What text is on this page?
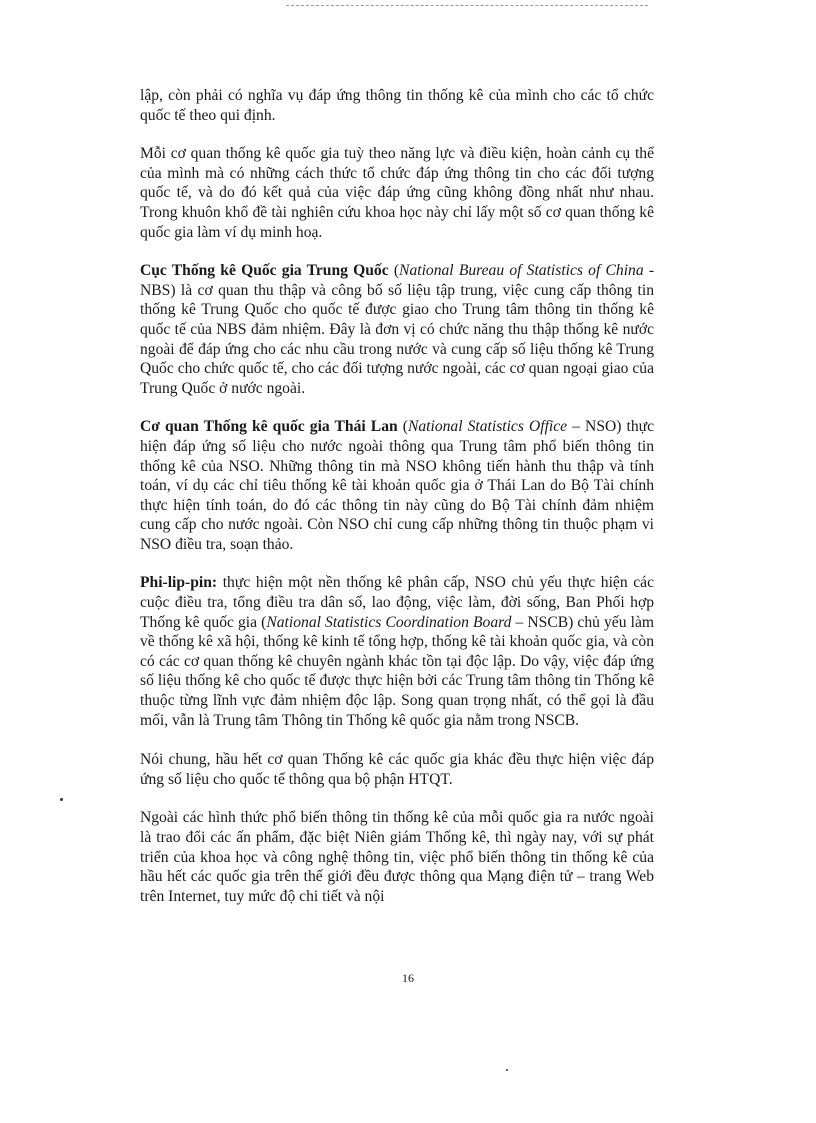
lập, còn phải có nghĩa vụ đáp ứng thông tin thống kê của mình cho các tổ chức quốc tế theo qui định.

Mỗi cơ quan thống kê quốc gia tuỳ theo năng lực và điều kiện, hoàn cảnh cụ thể của mình mà có những cách thức tổ chức đáp ứng thông tin cho các đối tượng quốc tế, và do đó kết quả của việc đáp ứng cũng không đồng nhất như nhau. Trong khuôn khổ đề tài nghiên cứu khoa học này chỉ lấy một số cơ quan thống kê quốc gia làm ví dụ minh hoạ.

Cục Thống kê Quốc gia Trung Quốc (National Bureau of Statistics of China - NBS) là cơ quan thu thập và công bố số liệu tập trung, việc cung cấp thông tin thống kê Trung Quốc cho quốc tế được giao cho Trung tâm thông tin thống kê quốc tế của NBS đảm nhiệm. Đây là đơn vị có chức năng thu thập thống kê nước ngoài để đáp ứng cho các nhu cầu trong nước và cung cấp số liệu thống kê Trung Quốc cho chức quốc tế, cho các đối tượng nước ngoài, các cơ quan ngoại giao của Trung Quốc ở nước ngoài.

Cơ quan Thống kê quốc gia Thái Lan (National Statistics Office – NSO) thực hiện đáp ứng số liệu cho nước ngoài thông qua Trung tâm phổ biến thông tin thống kê của NSO. Những thông tin mà NSO không tiến hành thu thập và tính toán, ví dụ các chỉ tiêu thống kê tài khoản quốc gia ở Thái Lan do Bộ Tài chính thực hiện tính toán, do đó các thông tin này cũng do Bộ Tài chính đảm nhiệm cung cấp cho nước ngoài. Còn NSO chỉ cung cấp những thông tin thuộc phạm vi NSO điều tra, soạn thảo.

Phi-lip-pin: thực hiện một nền thống kê phân cấp, NSO chủ yếu thực hiện các cuộc điều tra, tổng điều tra dân số, lao động, việc làm, đời sống, Ban Phối hợp Thống kê quốc gia (National Statistics Coordination Board – NSCB) chủ yếu làm về thống kê xã hội, thống kê kinh tế tổng hợp, thống kê tài khoản quốc gia, và còn có các cơ quan thống kê chuyên ngành khác tồn tại độc lập. Do vậy, việc đáp ứng số liệu thống kê cho quốc tế được thực hiện bởi các Trung tâm thông tin Thống kê thuộc từng lĩnh vực đảm nhiệm độc lập. Song quan trọng nhất, có thể gọi là đầu mối, vẫn là Trung tâm Thông tin Thống kê quốc gia nằm trong NSCB.

Nói chung, hầu hết cơ quan Thống kê các quốc gia khác đều thực hiện việc đáp ứng số liệu cho quốc tế thông qua bộ phận HTQT.

Ngoài các hình thức phổ biến thông tin thống kê của mỗi quốc gia ra nước ngoài là trao đổi các ấn phẩm, đặc biệt Niên giám Thống kê, thì ngày nay, với sự phát triển của khoa học và công nghệ thông tin, việc phổ biến thông tin thống kê của hầu hết các quốc gia trên thế giới đều được thông qua Mạng điện tử – trang Web trên Internet, tuy mức độ chi tiết và nội

16
